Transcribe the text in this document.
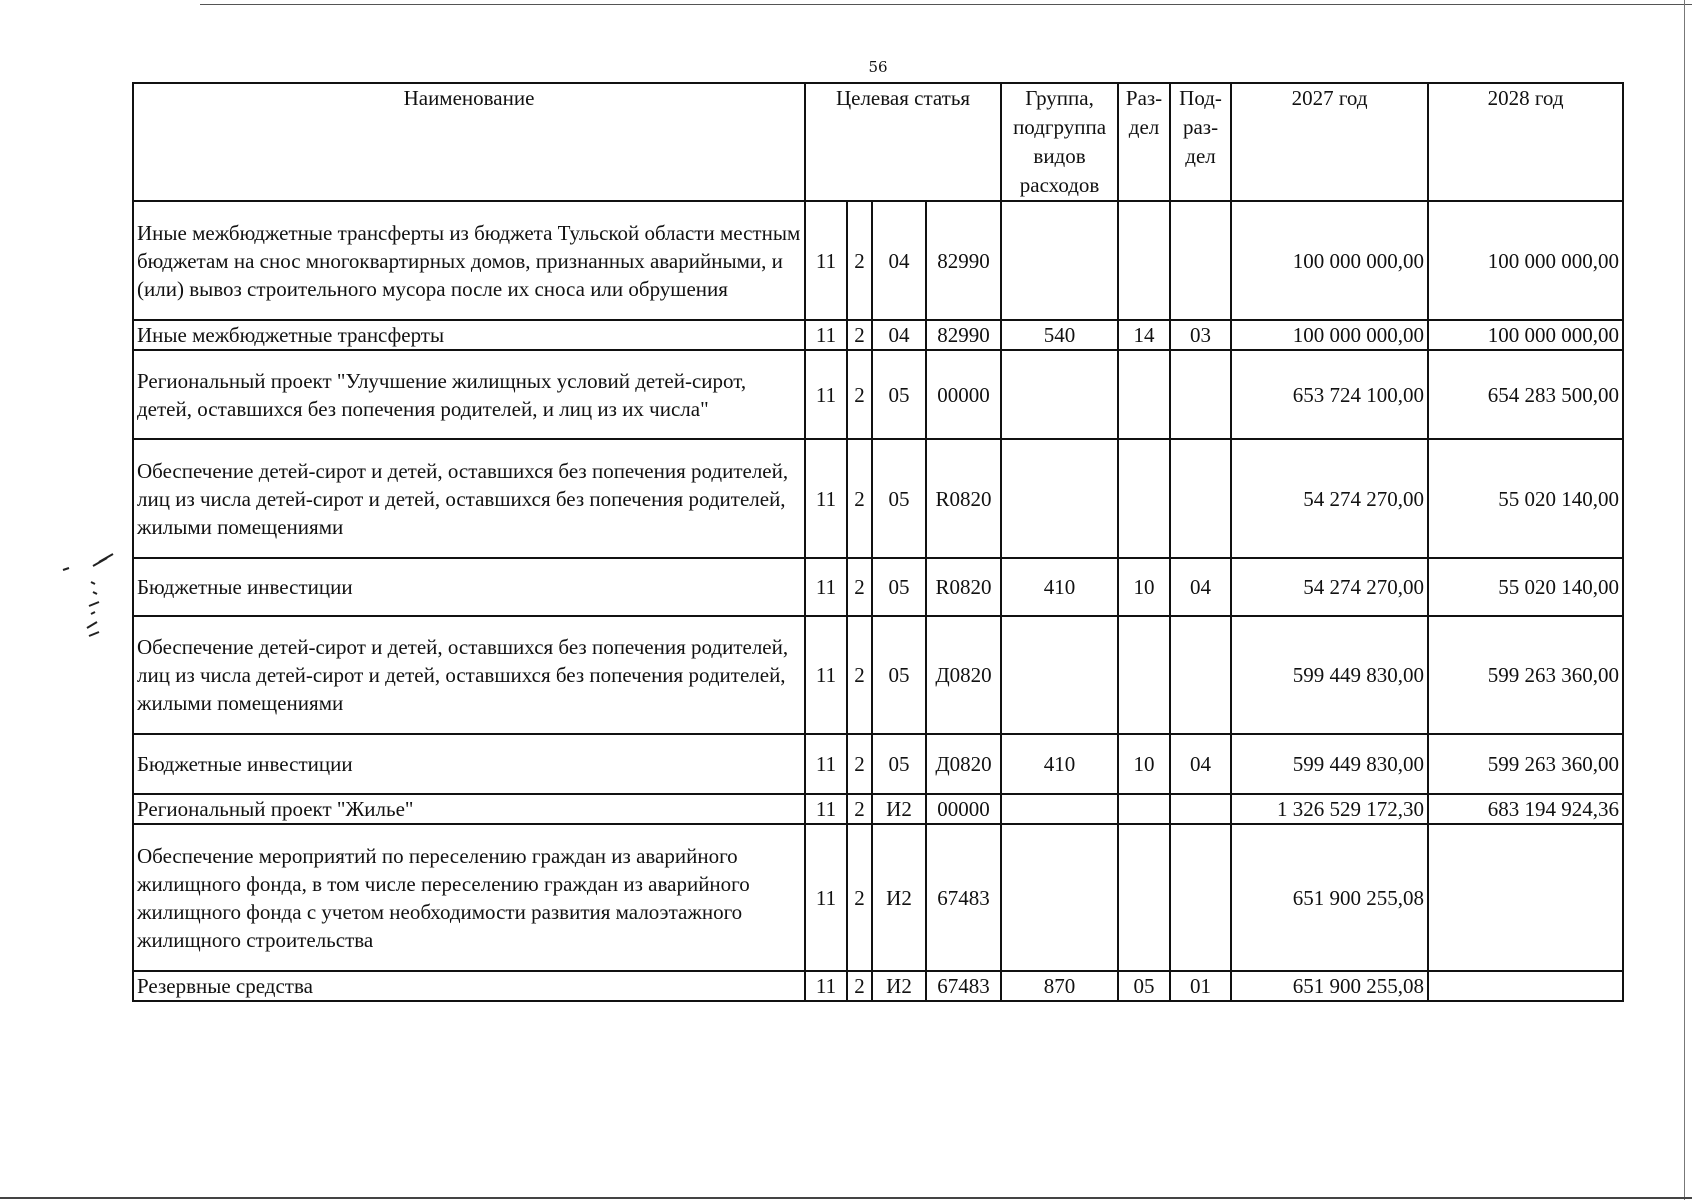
56
Наименование	Целевая статья				Группа, подгруппа видов расходов	Раз- дел	Под- раз- дел	2027 год	2028 год
Иные межбюджетные трансферты из бюджета Тульской области местным бюджетам на снос многоквартирных домов, признанных аварийными, и (или) вывоз строительного мусора после их сноса или обрушения	11	2	04	82990				100 000 000,00	100 000 000,00
Иные межбюджетные трансферты	11	2	04	82990	540	14	03	100 000 000,00	100 000 000,00
Региональный проект "Улучшение жилищных условий детей-сирот, детей, оставшихся без попечения родителей, и лиц из их числа"	11	2	05	00000				653 724 100,00	654 283 500,00
Обеспечение детей-сирот и детей, оставшихся без попечения родителей, лиц из числа детей-сирот и детей, оставшихся без попечения родителей, жилыми помещениями	11	2	05	R0820				54 274 270,00	55 020 140,00
Бюджетные инвестиции	11	2	05	R0820	410	10	04	54 274 270,00	55 020 140,00
Обеспечение детей-сирот и детей, оставшихся без попечения родителей, лиц из числа детей-сирот и детей, оставшихся без попечения родителей, жилыми помещениями	11	2	05	Д0820				599 449 830,00	599 263 360,00
Бюджетные инвестиции	11	2	05	Д0820	410	10	04	599 449 830,00	599 263 360,00
Региональный проект "Жилье"	11	2	И2	00000				1 326 529 172,30	683 194 924,36
Обеспечение мероприятий по переселению граждан из аварийного жилищного фонда, в том числе переселению граждан из аварийного жилищного фонда с учетом необходимости развития малоэтажного жилищного строительства	11	2	И2	67483				651 900 255,08	
Резервные средства	11	2	И2	67483	870	05	01	651 900 255,08	
